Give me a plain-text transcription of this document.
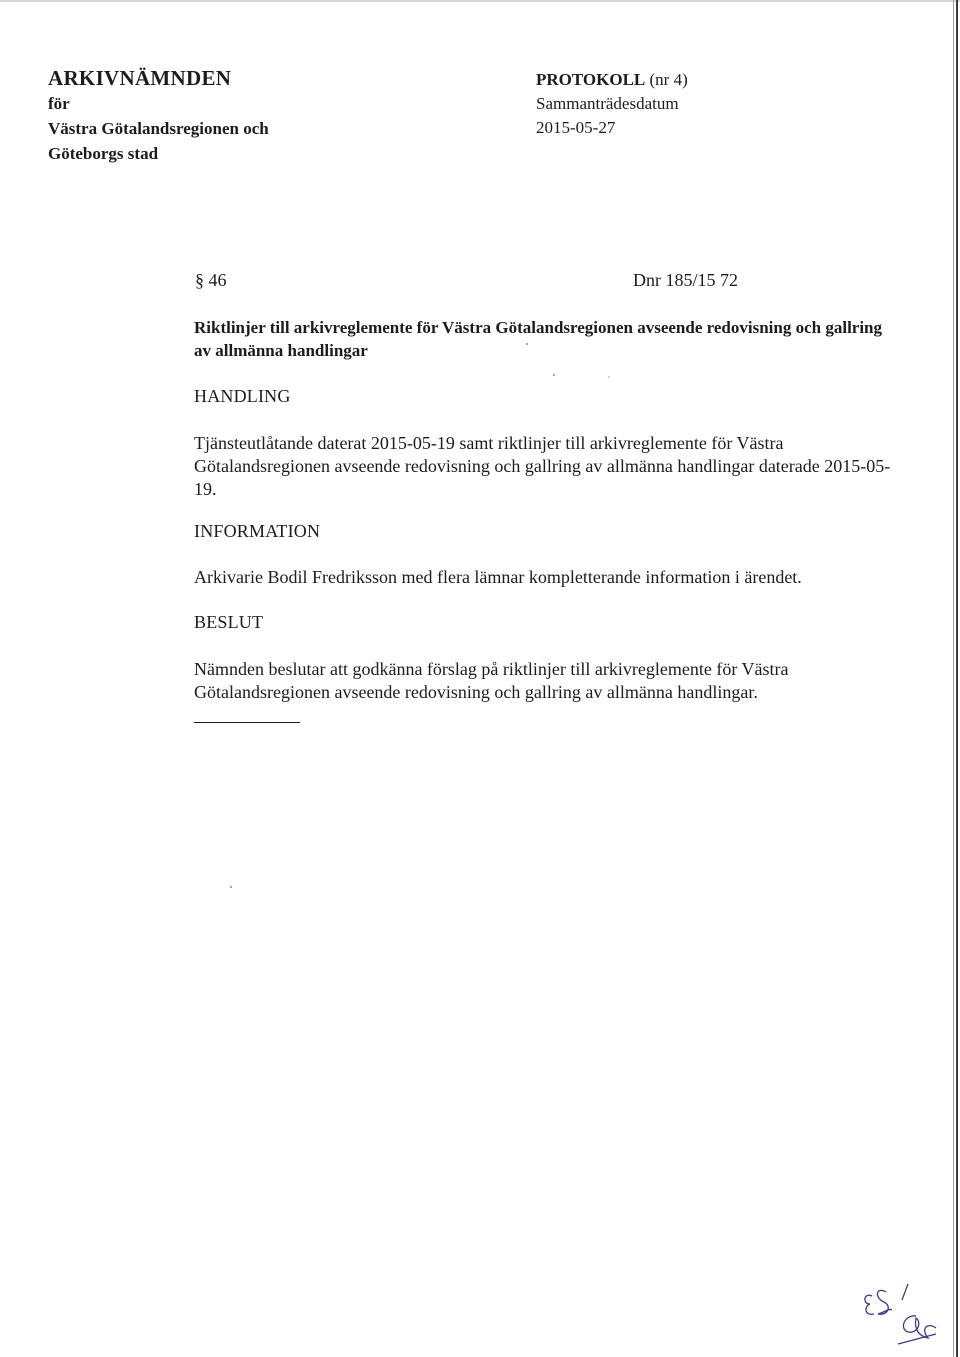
ARKIVNÄMNDEN
för
Västra Götalandsregionen och
Göteborgs stad
PROTOKOLL (nr 4)
Sammanträdesdatum
2015-05-27
§ 46	Dnr 185/15 72
Riktlinjer till arkivreglemente för Västra Götalandsregionen avseende redovisning och gallring av allmänna handlingar
HANDLING
Tjänsteutlåtande daterat 2015-05-19 samt riktlinjer till arkivreglemente för Västra Götalandsregionen avseende redovisning och gallring av allmänna handlingar daterade 2015-05-19.
INFORMATION
Arkivarie Bodil Fredriksson med flera lämnar kompletterande information i ärendet.
BESLUT
Nämnden beslutar att godkänna förslag på riktlinjer till arkivreglemente för Västra Götalandsregionen avseende redovisning och gallring av allmänna handlingar.
